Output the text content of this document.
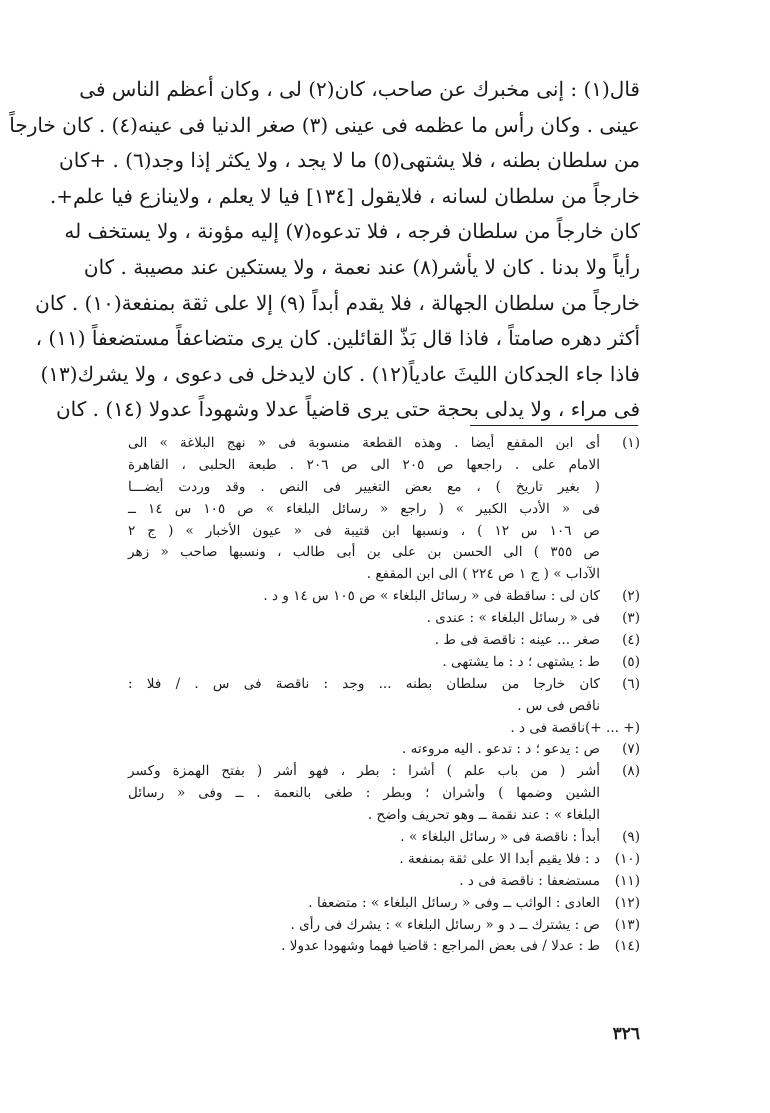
قال(١) : إنى مخبرك عن صاحب، كان(٢) لى ، وكان أعظم الناس فى
عينى . وكان رأس ما عظمه فى عينى (٣) صغر الدنيا فى عينه(٤) . كان خارجاً
من سلطان بطنه ، فلا يشتهى(٥) ما لا يجد ، ولا يكثر إذا وجد(٦) . +كان
خارجاً من سلطان لسانه ، فلايقول [١٣٤] فيا لا يعلم ، ولاينازع فيا علم+.
كان خارجاً من سلطان فرجه ، فلا تدعوه(٧) إليه مؤونة ، ولا يستخف له
رأياً ولا بدنا . كان لا يأشر(٨) عند نعمة ، ولا يستكين عند مصيبة . كان
خارجاً من سلطان الجهالة ، فلا يقدم أبداً (٩) إلا على ثقة بمنفعة(١٠) . كان
أكثر دهره صامتاً ، فاذا قال بَذّ القائلين. كان يرى متضاعفاً مستضعفاً (١١) ،
فاذا جاء الجدكان الليثَ عادياً(١٢) . كان لايدخل فى دعوى ، ولا يشرك(١٣)
فى مراء ، ولا يدلى بحجة حتى يرى قاضياً عدلا وشهوداً عدولا (١٤) . كان
(١)
أى ابن المقفع أيضا . وهذه القطعة منسوبة فى « نهج البلاغة » الى
الامام على . راجعها ص ٢٠٥ الى ص ٢٠٦ . طبعة الحلبى ، القاهرة
( بغير تاريخ ) ، مع بعض التغيير فى النص . وقد وردت أيضـــا
فى « الأدب الكبير » ( راجع « رسائل البلغاء » ص ١٠٥ س ١٤ ــ
ص ١٠٦ س ١٢ ) ، ونسبها ابن قتيبة فى « عيون الأخبار » ( ج ٢
ص ٣٥٥ ) الى الحسن بن على بن أبى طالب ، ونسبها صاحب « زهر
الآداب » ( ج ١ ص ٢٢٤ ) الى ابن المقفع .
(٢)
كان لى : ساقطة فى « رسائل البلغاء » ص ١٠٥ س ١٤ و د .
(٣)
فى « رسائل البلغاء » : عندى .
(٤)
صغر ... عينه : ناقصة فى ط .
(٥)
ط : يشتهى ؛ د : ما يشتهى .
(٦)
كان خارجا من سلطان بطنه ... وجد : ناقصة فى س . / فلا :
ناقص فى س .
(+ ... +)
ناقصة فى د .
(٧)
ص : يدعو ؛ د : تدعو . اليه مروءته .
(٨)
أشر ( من باب علم ) أشرا : بطر ، فهو أشر ( بفتح الهمزة وكسر
الشين وضمها ) وأشران ؛ وبطر : طغى بالنعمة . ــ وفى « رسائل
البلغاء » : عند نقمة ــ وهو تحريف واضح .
(٩)
أبدأ : ناقصة فى « رسائل البلغاء » .
(١٠)
د : فلا يقيم أبدا الا على ثقة بمنفعة .
(١١)
مستضعفا : ناقصة فى د .
(١٢)
العادى : الواثب ــ وفى « رسائل البلغاء » : متضعفا .
(١٣)
ص : يشترك ــ د و « رسائل البلغاء » : يشرك فى رأى .
(١٤)
ط : عدلا / فى بعض المراجع : قاضيا فهما وشهودا عدولا .
٣٢٦
